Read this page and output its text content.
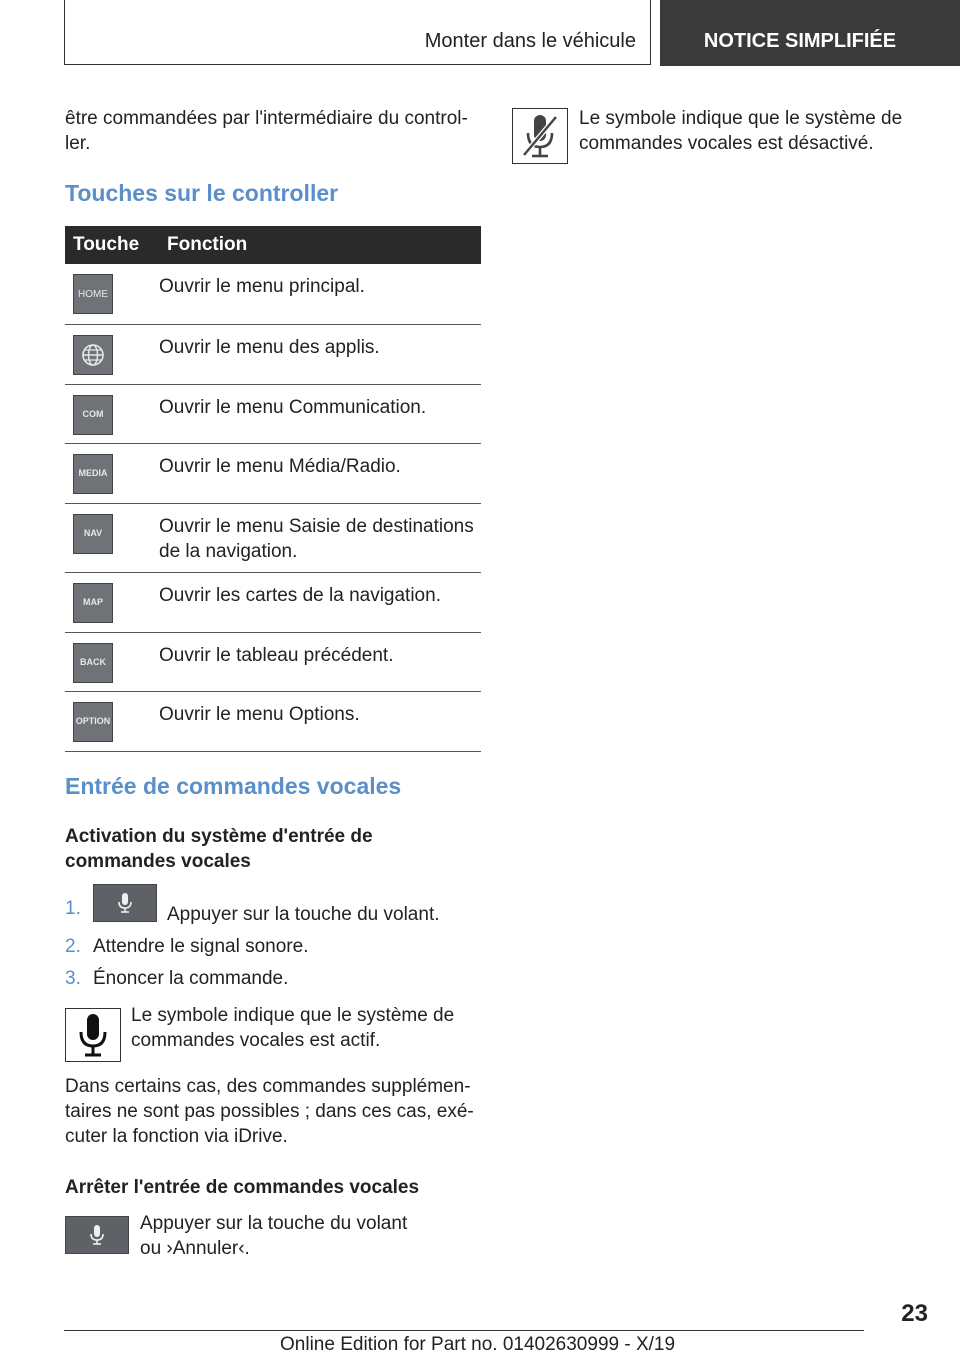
Monter dans le véhicule	NOTICE SIMPLIFIÉE

être commandées par l'intermédiaire du control‐ ler.

Touches sur le controller
Touche	Fonction

HOME	Ouvrir le menu principal.

	Ouvrir le menu des applis.

COM	Ouvrir le menu Communication.

MEDIA	Ouvrir le menu Média/Radio.

NAV	Ouvrir le menu Saisie de destinations de la navigation.

MAP	Ouvrir les cartes de la navigation.

BACK	Ouvrir le tableau précédent.

OPTION	Ouvrir le menu Options.
Entrée de commandes vocales

Activation du système d'entrée de commandes vocales

1.	Appuyer sur la touche du volant.
2. Attendre le signal sonore.
3. Énoncer la commande.

Le symbole indique que le système de commandes vocales est actif.

Dans certains cas, des commandes supplémen‐ taires ne sont pas possibles ; dans ces cas, exé‐ cuter la fonction via iDrive.

Arrêter l'entrée de commandes vocales

Appuyer sur la touche du volant ou ›Annuler‹.

Le symbole indique que le système de commandes vocales est désactivé.

23
Online Edition for Part no. 01402630999 - X/19
